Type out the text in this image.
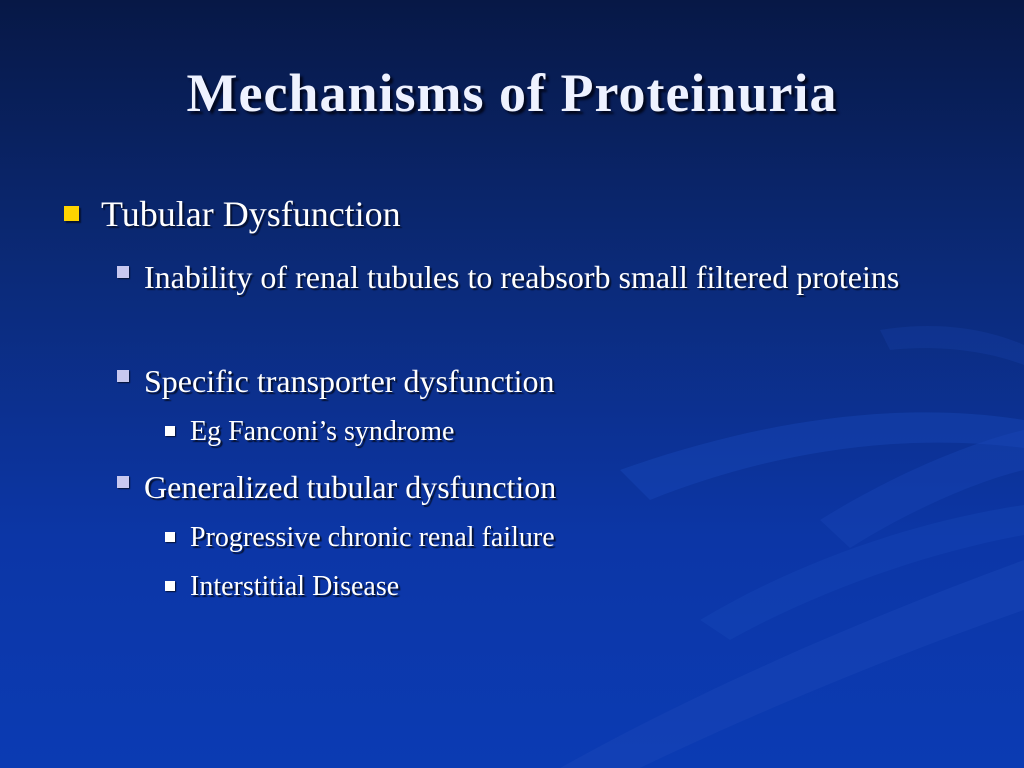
Mechanisms of Proteinuria
Tubular Dysfunction
Inability of renal tubules to reabsorb small filtered proteins
Specific transporter dysfunction
Eg Fanconi’s syndrome
Generalized tubular dysfunction
Progressive chronic renal failure
Interstitial Disease
